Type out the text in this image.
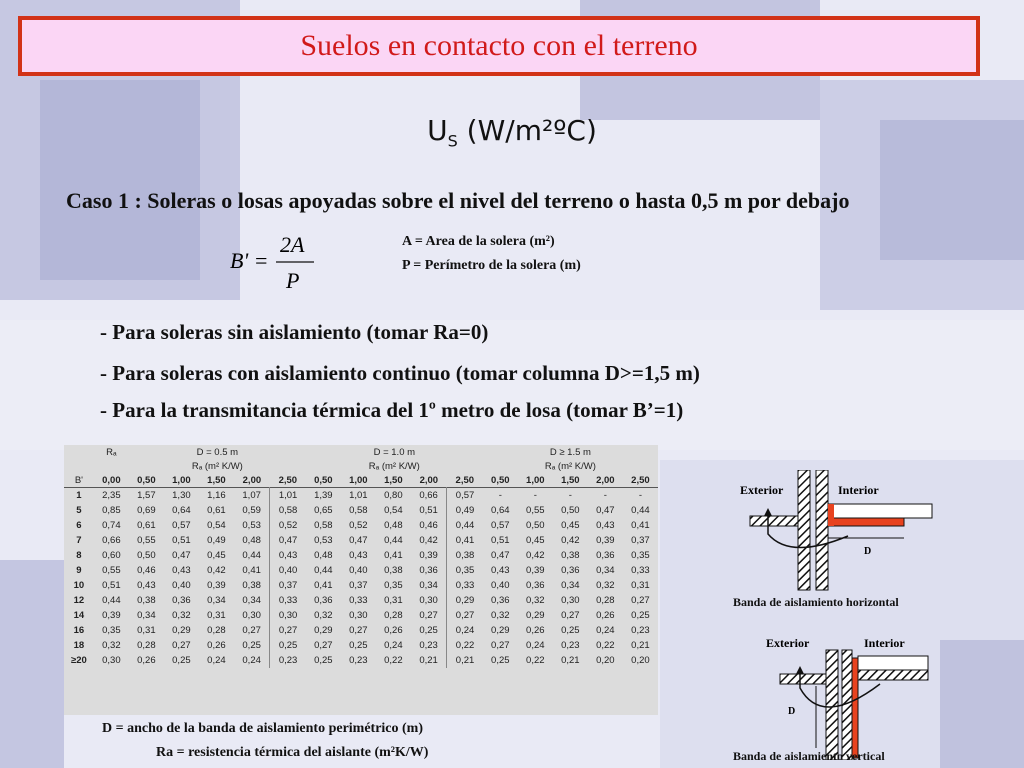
Suelos en contacto con el terreno
$U_S$ (W/m²ºC)
Caso 1 : Soleras o losas apoyadas sobre el nivel del terreno o hasta 0,5 m por debajo
B' =
2A
P
A = Area de la solera (m²)
P = Perímetro de la solera (m)
- Para soleras sin aislamiento (tomar Ra=0)
- Para soleras con aislamiento continuo (tomar columna D>=1,5 m)
- Para la transmitancia térmica del 1º metro de losa (tomar B’=1)
	Rₐ	D = 0.5 m					D = 1.0 m					D ≥ 1.5 m				
		Rₐ (m² K/W)					Rₐ (m² K/W)					Rₐ (m² K/W)				
B'	0,00	0,50	1,00	1,50	2,00	2,50	0,50	1,00	1,50	2,00	2,50	0,50	1,00	1,50	2,00	2,50
1	2,35	1,57	1,30	1,16	1,07	1,01	1,39	1,01	0,80	0,66	0,57	-	-	-	-	-
5	0,85	0,69	0,64	0,61	0,59	0,58	0,65	0,58	0,54	0,51	0,49	0,64	0,55	0,50	0,47	0,44
6	0,74	0,61	0,57	0,54	0,53	0,52	0,58	0,52	0,48	0,46	0,44	0,57	0,50	0,45	0,43	0,41
7	0,66	0,55	0,51	0,49	0,48	0,47	0,53	0,47	0,44	0,42	0,41	0,51	0,45	0,42	0,39	0,37
8	0,60	0,50	0,47	0,45	0,44	0,43	0,48	0,43	0,41	0,39	0,38	0,47	0,42	0,38	0,36	0,35
9	0,55	0,46	0,43	0,42	0,41	0,40	0,44	0,40	0,38	0,36	0,35	0,43	0,39	0,36	0,34	0,33
10	0,51	0,43	0,40	0,39	0,38	0,37	0,41	0,37	0,35	0,34	0,33	0,40	0,36	0,34	0,32	0,31
12	0,44	0,38	0,36	0,34	0,34	0,33	0,36	0,33	0,31	0,30	0,29	0,36	0,32	0,30	0,28	0,27
14	0,39	0,34	0,32	0,31	0,30	0,30	0,32	0,30	0,28	0,27	0,27	0,32	0,29	0,27	0,26	0,25
16	0,35	0,31	0,29	0,28	0,27	0,27	0,29	0,27	0,26	0,25	0,24	0,29	0,26	0,25	0,24	0,23
18	0,32	0,28	0,27	0,26	0,25	0,25	0,27	0,25	0,24	0,23	0,22	0,27	0,24	0,23	0,22	0,21
≥20	0,30	0,26	0,25	0,24	0,24	0,23	0,25	0,23	0,22	0,21	0,21	0,25	0,22	0,21	0,20	0,20
D = ancho de la banda de aislamiento perimétrico (m)
Ra = resistencia térmica del aislante (m²K/W)
Exterior	Interior
D
Banda de aislamiento horizontal
Exterior	Interior
D
Banda de aislamiento vertical
